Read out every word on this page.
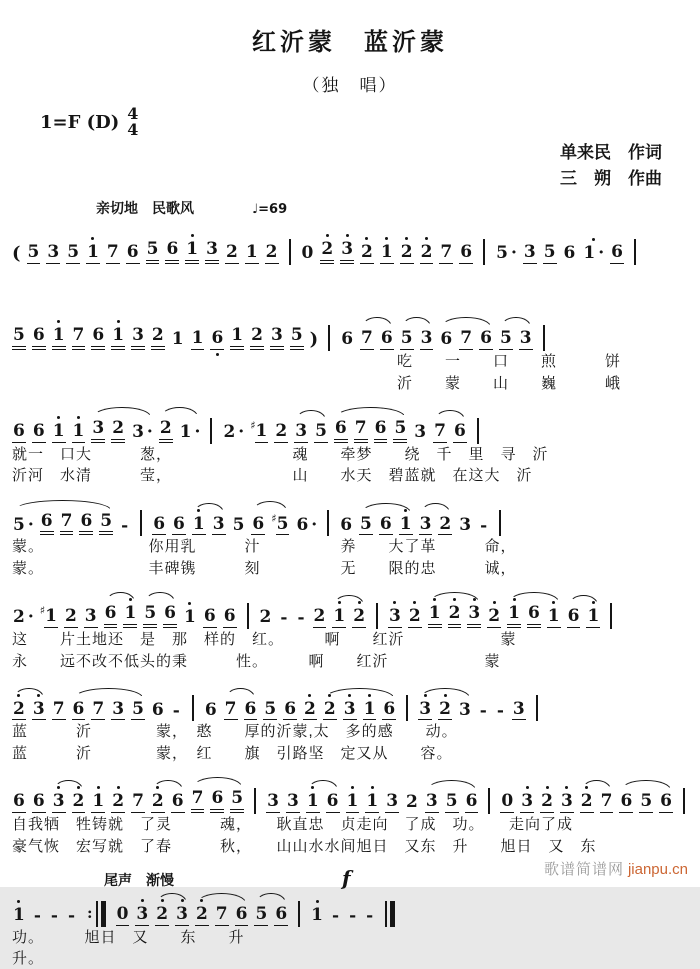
红沂蒙　蓝沂蒙
（独　唱）
1=F (D) 4
4
单来民　作词
三　朔　作曲
亲切地　民歌风	♩=69
( 5 3 5 1 7 6 5 6 1 3 2 1 2 0 2 3 2 1 2 2 7 6 5 · 3 5 6 1 · 6
5 6 1 7 6 1 3 2 1 1 6 1 2 3 5 ) 6 7 6 5 3 6 7 6 5 3
吃　　一　　口　　煎　　　饼
沂　　蒙　　山　　巍　　　峨
6 6 1 1 3 2 3 · 2 1 · 2 · ♯1 2 3 5 6 7 6 5 3 7 6
就一　口大　　　葱，　　　　　　　　魂　　牵梦　　绕　千　里　寻　沂
沂河　水清　　　莹，　　　　　　　　山　　水天　碧蓝就　在这大　沂
5 · 6 7 6 5 - 6 6 1 3 5 6 ♯5 6 · 6 5 6 1 3 2 3 -
蒙。　　　　　　　你用乳　　　汁　　　　　养　　大了革　　　命，
蒙。　　　　　　　丰碑镌　　　刻　　　　　无　　限的忠　　　诚，
2 · ♯1 2 3 6 1 5 6 1 6 6 2 - - 2 1 2 3 2 1 2 3 2 1 6 1 6 1
这　　片土地还　是　那　样的　红。　　　啊　　红沂　　　　　　蒙
永　　远不改不低头的秉　　　性。　　　啊　　红沂　　　　　　蒙
2 3 7 6 7 3 5 6 - 6 7 6 5 6 2 2 3 1 6 3 2 3 - - 3
蓝　　　沂　　　　蒙，　憨　　厚的沂蒙,太　多的感　　动。
蓝　　　沂　　　　蒙，　红　　旗　引路坚　定又从　　容。
6 6 3 2 1 2 7 2 6 7 6 5 3 3 1 6 1 1 3 2 3 5 6 0 3 2 3 2 7 6 5 6
自我牺　牲铸就　了灵　　　魂，　　耿直忠　贞走向　了成　功。　　走向了成
豪气恢　宏写就　了春　　　秋，　　山山水水间旭日　又东　升　　旭日　又　东
尾声　渐慢	f
1 - - - : 0 3 2 3 2 7 6 5 6 1 - - -
功。　　　旭日　又　　东　　升
升。
歌谱简谱网 jianpu.cn
